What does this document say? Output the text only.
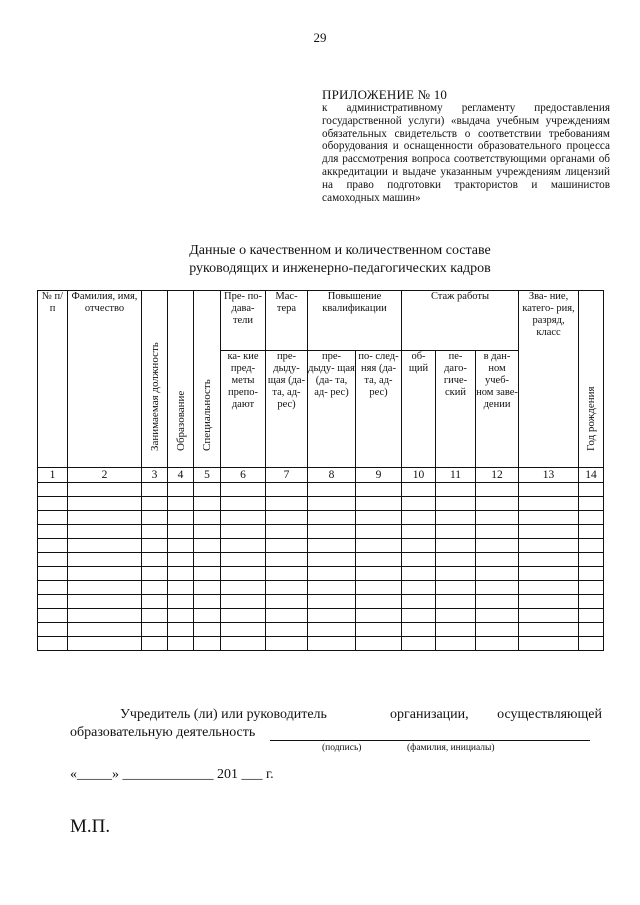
29
ПРИЛОЖЕНИЕ № 10
к административному регламенту предоставления государственной услуги) «выдача учебным учреждениям обязательных свидетельств о соответствии требованиям оборудования и оснащенности образовательного процесса для рассмотрения вопроса соответствующими органами об аккредитации и выдаче указанным учреждениям лицензий на право подготовки трактористов и машинистов самоходных машин»
Данные о качественном и количественном составе
руководящих и инженерно-педагогических кадров
№ п/ п	Фамилия, имя, отчество	Занимаемая должность	Образование	Специальность	Пре- по- дава- тели	Мас- тера	Повышение квалификации		Стаж работы			Зва- ние, катего- рия, разряд, класс	Год рождения

					ка- кие пред- меты препо- дают	пре- дыду- щая (да- та, ад- рес)	пре- дыду- щая (да- та, ад- рес)	по- след- няя (да- та, ад- рес)	об- щий	пе- даго- гиче- ский	в дан- ном учеб- ном заве- дении		
1	2	3	4	5	6	7	8	9	10	11	12	13	14

Учредитель (ли) или руководитель	организации, осуществляющей
образовательную деятельность
(подпись)	(фамилия, инициалы)
«_____» _____________ 201 ___ г.
М.П.
